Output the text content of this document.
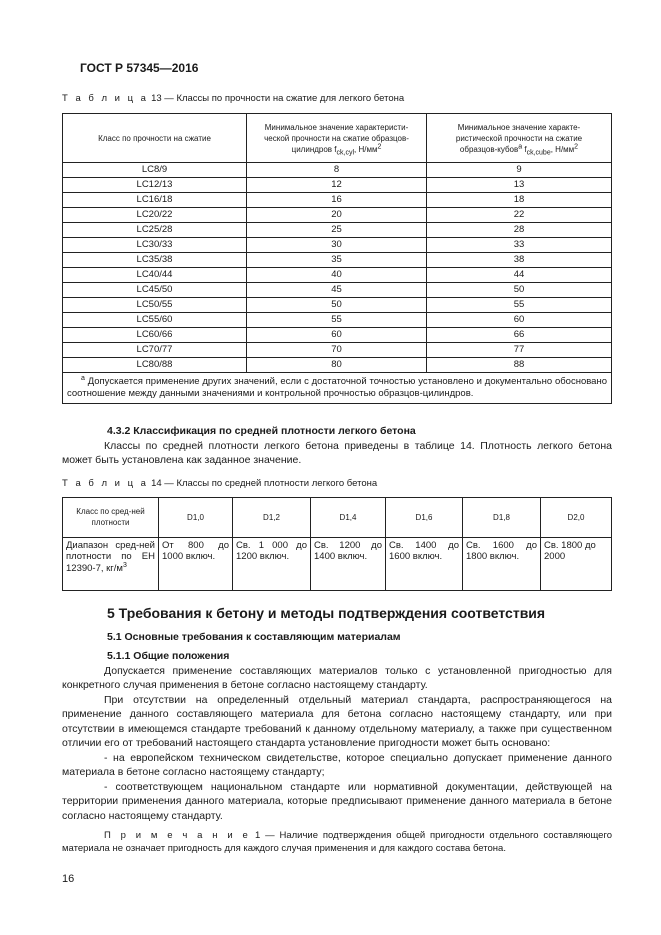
ГОСТ Р 57345—2016
Т а б л и ц а 13 — Классы по прочности на сжатие для легкого бетона
Класс по прочности на сжатие	Минимальное значение характеристи-ческой прочности на сжатие образцов-цилиндров $f_{ck,cyl}$, $Н/мм^2$	Минимальное значение характе-ристической прочности на сжатие образцов-кубов$^a$ $f_{ck,cube}$, $Н/мм^2$
LC8/9	8	9
LC12/13	12	13
LC16/18	16	18
LC20/22	20	22
LC25/28	25	28
LC30/33	30	33
LC35/38	35	38
LC40/44	40	44
LC45/50	45	50
LC50/55	50	55
LC55/60	55	60
LC60/66	60	66
LC70/77	70	77
LC80/88	80	88
$^a$ Допускается применение других значений, если с достаточной точностью установлено и документально обосновано соотношение между данными значениями и контрольной прочностью образцов-цилиндров.		
4.3.2 Классификация по средней плотности легкого бетона
Классы по средней плотности легкого бетона приведены в таблице 14. Плотность легкого бетона может быть установлена как заданное значение.
Т а б л и ц а 14 — Классы по средней плотности легкого бетона
Класс по сред-ней плотности	D1,0	D1,2	D1,4	D1,6	D1,8	D2,0
Диапазон сред-ней плотности по ЕН 12390-7, $кг/м^3$	От 800 до 1000 включ.	Св. 1 000 до 1200 включ.	Св. 1200 до 1400 включ.	Св. 1400 до 1600 включ.	Св. 1600 до 1800 включ.	Св. 1800 до 2000
5 Требования к бетону и методы подтверждения соответствия
5.1 Основные требования к составляющим материалам
5.1.1 Общие положения
Допускается применение составляющих материалов только с установленной пригодностью для конкретного случая применения в бетоне согласно настоящему стандарту.
При отсутствии на определенный отдельный материал стандарта, распространяющегося на применение данного составляющего материала для бетона согласно настоящему стандарту, или при отсутствии в имеющемся стандарте требований к данному отдельному материалу, а также при существенном отличии его от требований настоящего стандарта установление пригодности может быть основано:
- на европейском техническом свидетельстве, которое специально допускает применение данного материала в бетоне согласно настоящему стандарту;
- соответствующем национальном стандарте или нормативной документации, действующей на территории применения данного материала, которые предписывают применение данного материала в бетоне согласно настоящему стандарту.
П р и м е ч а н и е 1 — Наличие подтверждения общей пригодности отдельного составляющего материала не означает пригодность для каждого случая применения и для каждого состава бетона.
16
